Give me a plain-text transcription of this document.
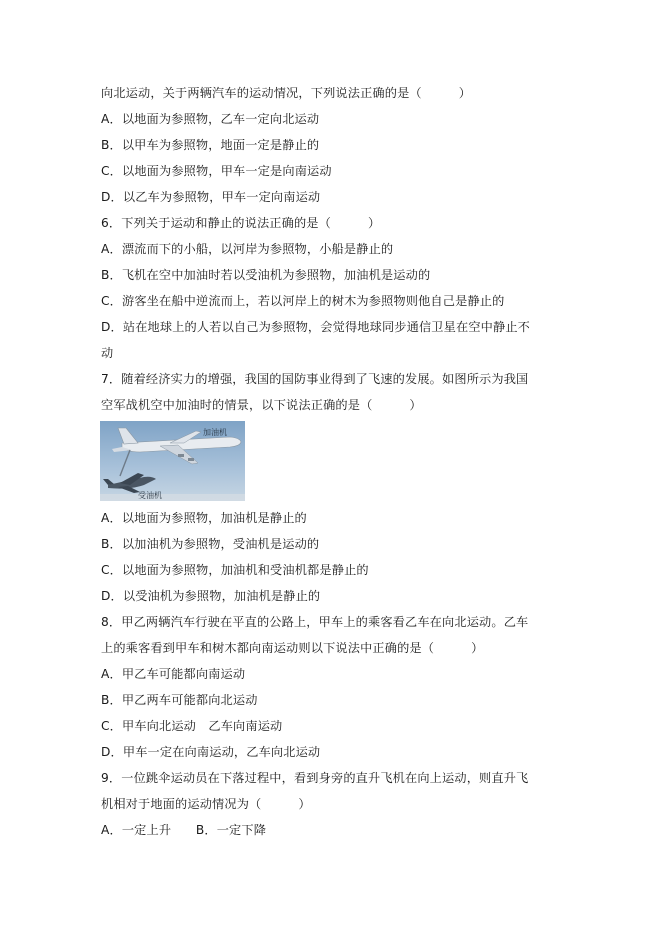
向北运动，关于两辆汽车的运动情况，下列说法正确的是（　　　）
A．以地面为参照物，乙车一定向北运动
B．以甲车为参照物，地面一定是静止的
C．以地面为参照物，甲车一定是向南运动
D．以乙车为参照物，甲车一定向南运动
6．下列关于运动和静止的说法正确的是（　　　）
A．漂流而下的小船，以河岸为参照物，小船是静止的
B．飞机在空中加油时若以受油机为参照物，加油机是运动的
C．游客坐在船中逆流而上，若以河岸上的树木为参照物则他自己是静止的
D．站在地球上的人若以自己为参照物，会觉得地球同步通信卫星在空中静止不
动
7．随着经济实力的增强，我国的国防事业得到了飞速的发展。如图所示为我国
空军战机空中加油时的情景，以下说法正确的是（　　　）
加油机
受油机
A．以地面为参照物，加油机是静止的
B．以加油机为参照物，受油机是运动的
C．以地面为参照物，加油机和受油机都是静止的
D．以受油机为参照物，加油机是静止的
8．甲乙两辆汽车行驶在平直的公路上，甲车上的乘客看乙车在向北运动。乙车
上的乘客看到甲车和树木都向南运动则以下说法中正确的是（　　　）
A．甲乙车可能都向南运动
B．甲乙两车可能都向北运动
C．甲车向北运动　乙车向南运动
D．甲车一定在向南运动，乙车向北运动
9．一位跳伞运动员在下落过程中，看到身旁的直升飞机在向上运动，则直升飞
机相对于地面的运动情况为（　　　）
A．一定上升　　B．一定下降
